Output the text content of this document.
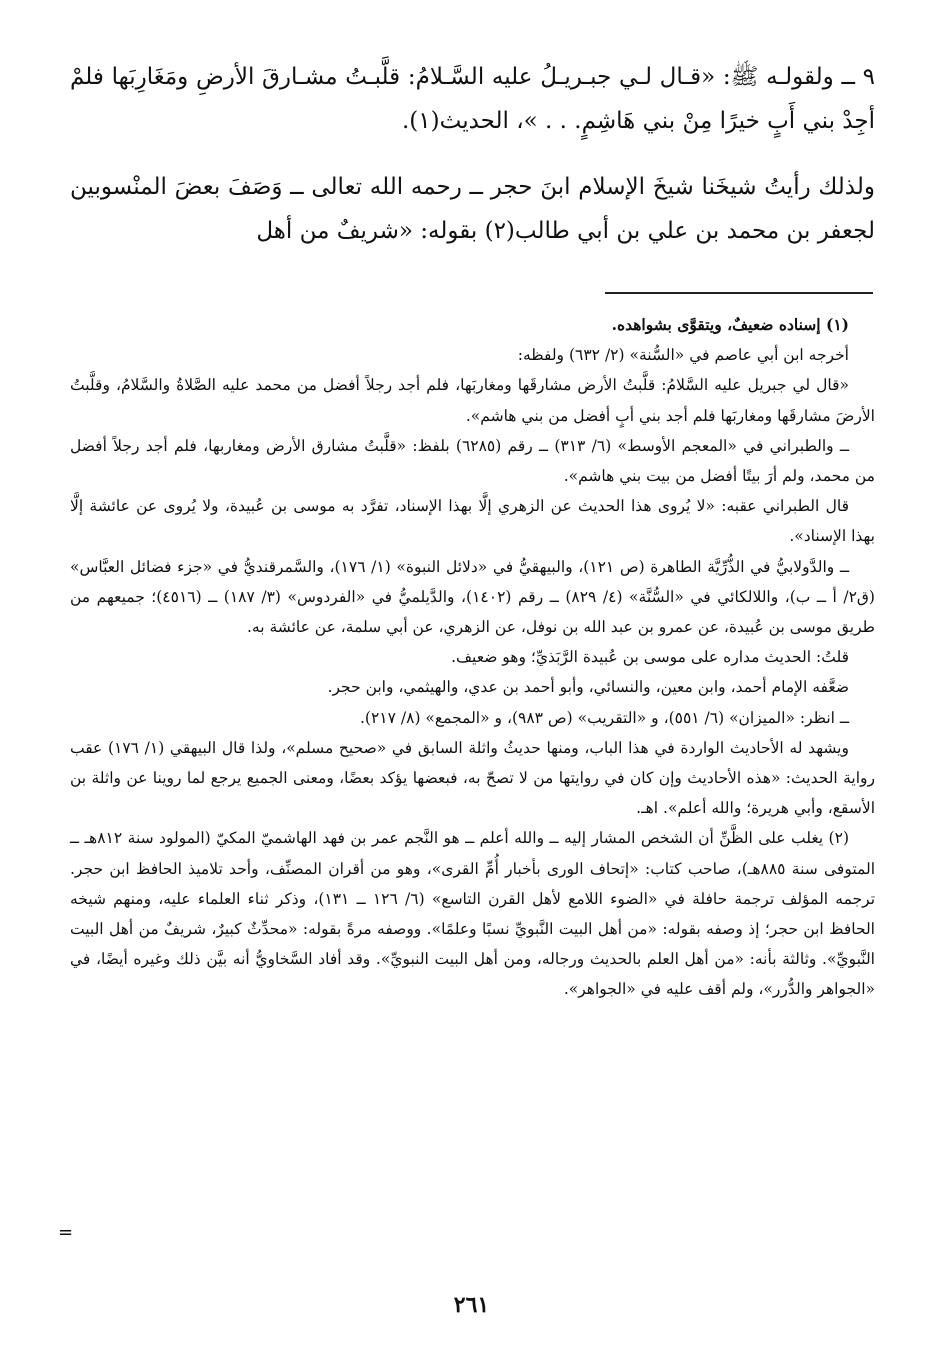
٩ ــ ولقولـه ﷺ: «قـال لـي جبـريـلُ عليه السَّـلامُ: قلَّبـتُ مشـارقَ الأرضِ ومَغَارِبَها فلمْ أجِدْ بني أَبٍ خيرًا مِنْ بني هَاشِمٍ. . . »، الحديث(١).

ولذلك رأيتُ شيخَنا شيخَ الإسلام ابنَ حجر ــ رحمه الله تعالى ــ وَصَفَ بعضَ المنْسوبين لجعفر بن محمد بن علي بن أبي طالب(٢) بقوله: «شريفٌ من أهل

(١) إسناده ضعيفٌ، ويتقوَّى بشواهده.

أخرجه ابن أبي عاصم في «السُّنة» (٢/ ٦٣٢) ولفظه:

«قال لي جبريل عليه السَّلامُ: قلَّبتُ الأرض مشارقَها ومغاربَها، فلم أجد رجلاً أفضل من محمد عليه الصَّلاةُ والسَّلامُ، وقلَّبتُ الأرضَ مشارقَها ومغاربَها فلم أجد بني أبٍ أفضل من بني هاشم».

ــ والطبراني في «المعجم الأوسط» (٦/ ٣١٣) ــ رقم (٦٢٨٥) بلفظ: «قلَّبتُ مشارق الأرض ومغاربها، فلم أجد رجلاً أفضل من محمد، ولم أرَ بيتًا أفضل من بيت بني هاشم».

قال الطبراني عقبه: «لا يُروى هذا الحديث عن الزهري إلَّا بهذا الإسناد، تفرَّد به موسى بن عُبيدة، ولا يُروى عن عائشة إلَّا بهذا الإسناد».

ــ والدَّولابيُّ في الذُّرِّيَّة الطاهرة (ص ١٢١)، والبيهقيُّ في «دلائل النبوة» (١/ ١٧٦)، والسَّمرقنديُّ في «جزء فضائل العبَّاس» (ق٢/ أ ــ ب)، واللالكائي في «السُّنَّة» (٤/ ٨٢٩) ــ رقم (١٤٠٢)، والدَّيلميُّ في «الفردوس» (٣/ ١٨٧) ــ (٤٥١٦)؛ جميعهم من طريق موسى بن عُبيدة، عن عمرو بن عبد الله بن نوفل، عن الزهري، عن أبي سلمة، عن عائشة به.

قلتُ: الحديث مداره على موسى بن عُبيدة الرَّبَذيِّ؛ وهو ضعيف.

ضعَّفه الإمام أحمد، وابن معين، والنسائي، وأبو أحمد بن عدي، والهيثمي، وابن حجر.

ــ انظر: «الميزان» (٦/ ٥٥١)، و «التقريب» (ص ٩٨٣)، و «المجمع» (٨/ ٢١٧).

ويشهد له الأحاديث الواردة في هذا الباب، ومنها حديثُ واثلة السابق في «صحيح مسلم»، ولذا قال البيهقي (١/ ١٧٦) عقب رواية الحديث: «هذه الأحاديث وإن كان في روايتها من لا تصحّ به، فبعضها يؤكد بعضًا، ومعنى الجميع يرجع لما روينا عن واثلة بن الأسقع، وأبي هريرة؛ والله أعلم». اهـ.

(٢) يغلب على الظَّنِّ أن الشخص المشار إليه ــ والله أعلم ــ هو النَّجم عمر بن فهد الهاشميّ المكيّ (المولود سنة ٨١٢هـ ــ المتوفى سنة ٨٨٥هـ)، صاحب كتاب: «إتحاف الورى بأخبار أُمِّ القرى»، وهو من أقران المصنِّف، وأحد تلاميذ الحافظ ابن حجر. ترجمه المؤلف ترجمة حافلة في «الضوء اللامع لأهل القرن التاسع» (٦/ ١٢٦ ــ ١٣١)، وذكر ثناء العلماء عليه، ومنهم شيخه الحافظ ابن حجر؛ إذ وصفه بقوله: «من أهل البيت النَّبويِّ نسبًا وعلمًا». ووصفه مرةً بقوله: «محدِّثٌ كبيرٌ، شريفٌ من أهل البيت النَّبويِّ». وثالثة بأنه: «من أهل العلم بالحديث ورجاله، ومن أهل البيت النبويِّ». وقد أفاد السَّخاويُّ أنه بيَّن ذلك وغيره أيضًا، في «الجواهر والدُّرر»، ولم أقف عليه في «الجواهر».

=
٢٦١
